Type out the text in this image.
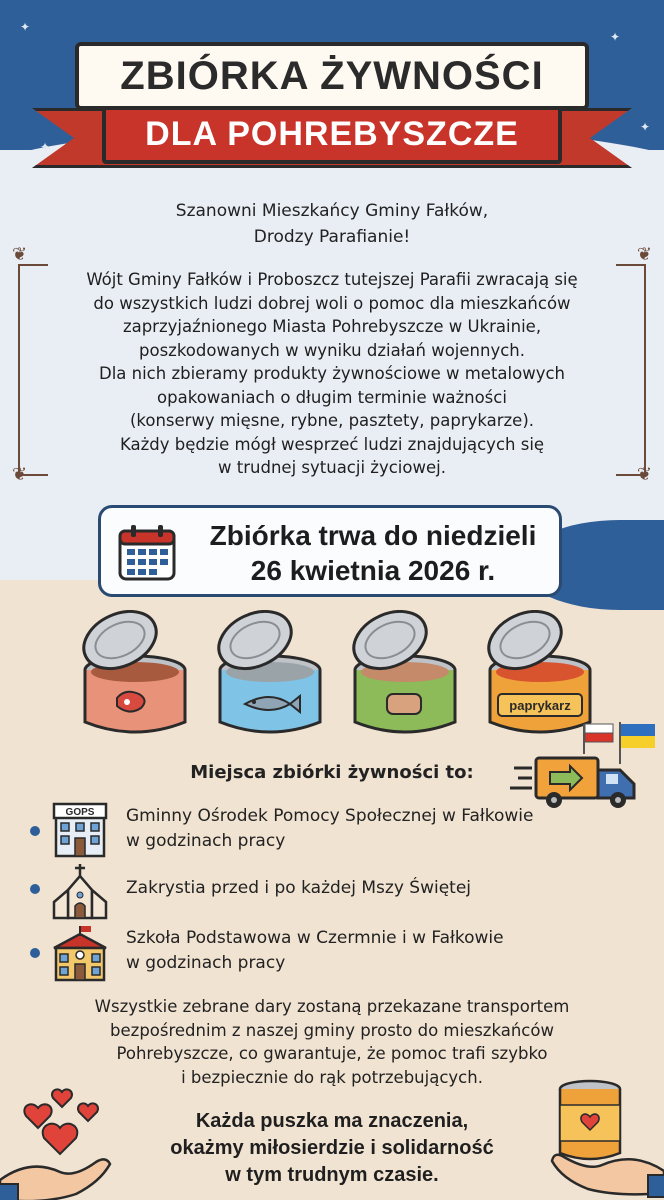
✦
✦
✦
✦	DLA POHREBYSZCZE
ZBIÓRKA ŻYWNOŚCI
Szanowni Mieszkańcy Gminy Fałków,
Drodzy Parafianie!
❦	❦
❦	❦
Wójt Gminy Fałków i Proboszcz tutejszej Parafii zwracają się
do wszystkich ludzi dobrej woli o pomoc dla mieszkańców
zaprzyjaźnionego Miasta Pohrebyszcze w Ukrainie,
poszkodowanych w wyniku działań wojennych.
Dla nich zbieramy produkty żywnościowe w metalowych
opakowaniach o długim terminie ważności
(konserwy mięsne, rybne, pasztety, paprykarze).
Każdy będzie mógł wesprzeć ludzi znajdujących się
w trudnej sytuacji życiowej.
Zbiórka trwa do niedzieli
26 kwietnia 2026 r.
paprykarz
Miejsca zbiórki żywności to:
GOPS Gminny Ośrodek Pomocy Społecznej w Fałkowie
w godzinach pracy
Zakrystia przed i po każdej Mszy Świętej
Szkoła Podstawowa w Czermnie i w Fałkowie
w godzinach pracy
Wszystkie zebrane dary zostaną przekazane transportem
bezpośrednim z naszej gminy prosto do mieszkańców
Pohrebyszcze, co gwarantuje, że pomoc trafi szybko
i bezpiecznie do rąk potrzebujących.
Każda puszka ma znaczenia,
okażmy miłosierdzie i solidarność
w tym trudnym czasie.
